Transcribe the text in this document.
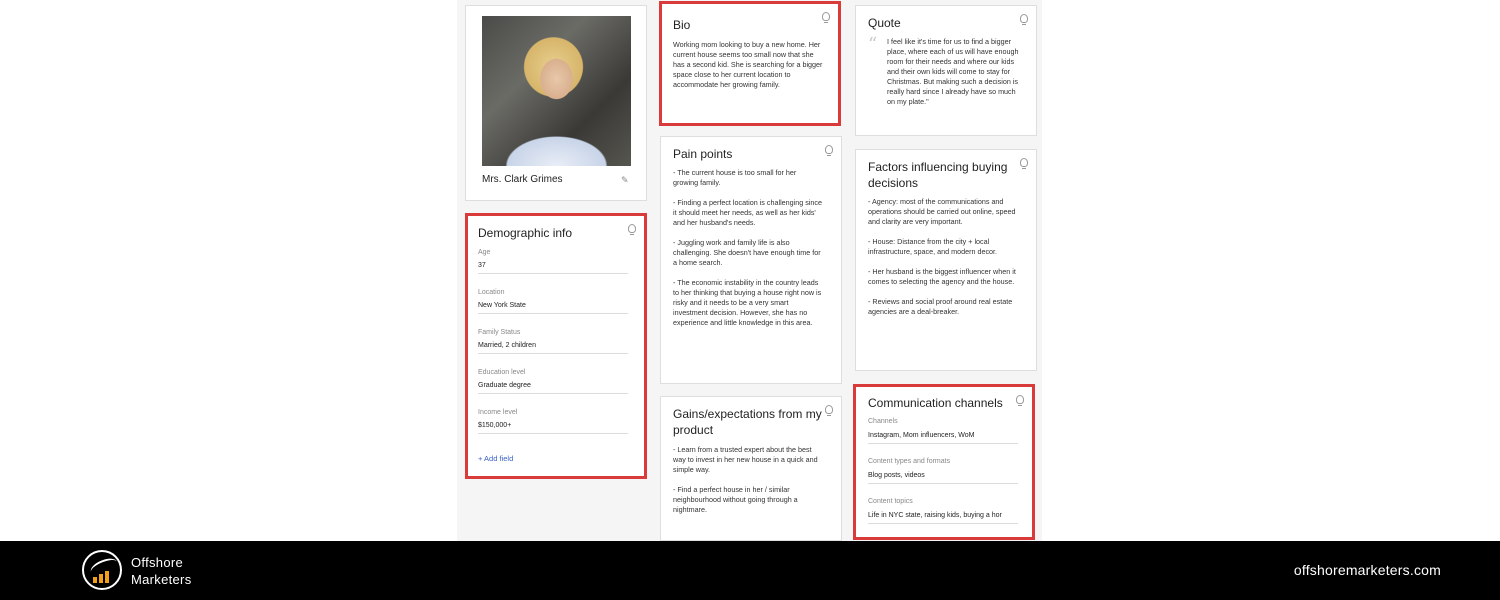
Mrs. Clark Grimes	✎
Demographic info
Age
37
Location
New York State
Family Status
Married, 2 children
Education level
Graduate degree
Income level
$150,000+
+ Add field
Bio
Working mom looking to buy a new home. Her current house seems too small now that she has a second kid. She is searching for a bigger space close to her current location to accommodate her growing family.
Pain points
- The current house is too small for her growing family.

- Finding a perfect location is challenging since it should meet her needs, as well as her kids' and her husband's needs.

- Juggling work and family life is also challenging. She doesn't have enough time for a home search.

- The economic instability in the country leads to her thinking that buying a house right now is risky and it needs to be a very smart investment decision. However, she has no experience and little knowledge in this area.
Gains/expectations from my product
- Learn from a trusted expert about the best way to invest in her new house in a quick and simple way.

- Find a perfect house in her / similar neighbourhood without going through a nightmare.
Quote
“ I feel like it's time for us to find a bigger place, where each of us will have enough room for their needs and where our kids and their own kids will come to stay for Christmas. But making such a decision is really hard since I already have so much on my plate."
Factors influencing buying decisions
- Agency: most of the communications and operations should be carried out online, speed and clarity are very important.

- House: Distance from the city + local infrastructure, space, and modern decor.

- Her husband is the biggest influencer when it comes to selecting the agency and the house.

- Reviews and social proof around real estate agencies are a deal-breaker.
Communication channels
Channels
Instagram, Mom influencers, WoM
Content types and formats
Blog posts, videos
Content topics
Life in NYC state, raising kids, buying a hor
Offshore
Marketers
offshoremarketers.com
